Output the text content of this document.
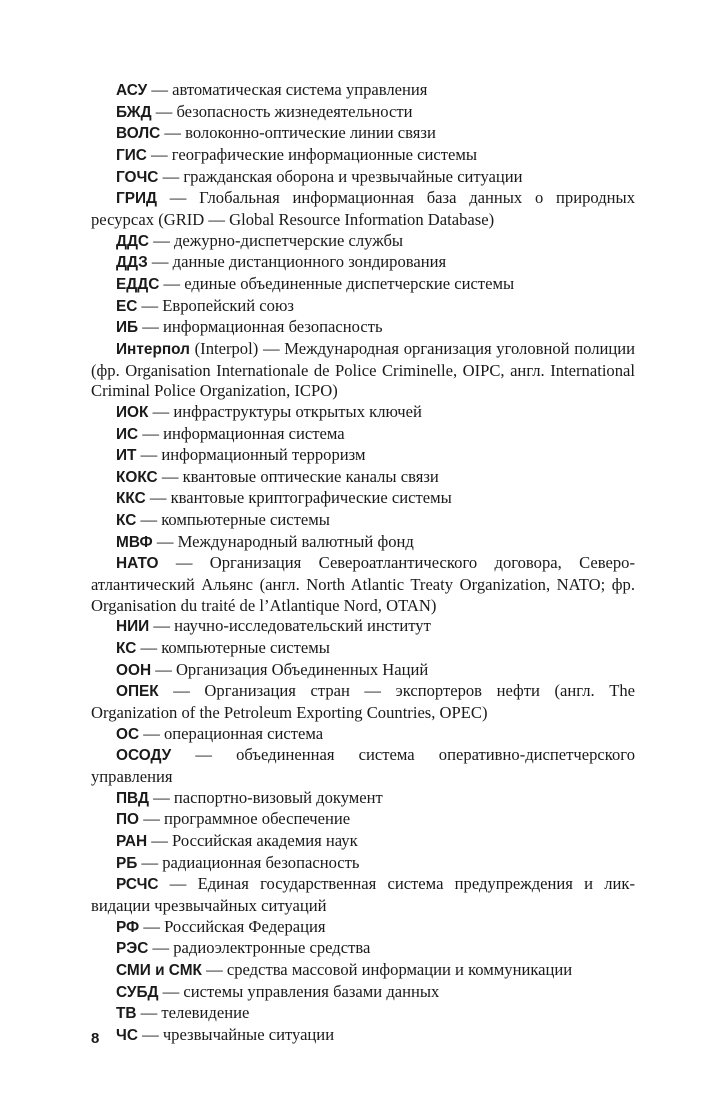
АСУ — автоматическая система управления

БЖД — безопасность жизнедеятельности

ВОЛС — волоконно-оптические линии связи

ГИС — географические информационные системы

ГОЧС — гражданская оборона и чрезвычайные ситуации

ГРИД — Глобальная информационная база данных о природных ресурсах (GRID — Global Resource Information Database)

ДДС — дежурно-диспетчерские службы

ДДЗ — данные дистанционного зондирования

ЕДДС — единые объединенные диспетчерские системы

ЕС — Европейский союз

ИБ — информационная безопасность

Интерпол (Interpol) — Международная организация уголовной полиции (фр. Organisation Internationale de Police Criminelle, OIPC, англ. International Criminal Police Organization, ICPO)

ИОК — инфраструктуры открытых ключей

ИС — информационная система

ИТ — информационный терроризм

КОКС — квантовые оптические каналы связи

ККС — квантовые криптографические системы

КС — компьютерные системы

МВФ — Международный валютный фонд

НАТО — Организация Североатлантического договора, Североатлантический Альянс (англ. North Atlantic Treaty Organization, NATO; фр. Organisation du traité de l’Atlantique Nord, OTAN)

НИИ — научно-исследовательский институт

КС — компьютерные системы

ООН — Организация Объединенных Наций

ОПЕК — Организация стран — экспортеров нефти (англ. The Organization of the Petroleum Exporting Countries, OPEC)

ОС — операционная система

ОСОДУ — объединенная система оперативно-диспетчерского управления

ПВД — паспортно-визовый документ

ПО — программное обеспечение

РАН — Российская академия наук

РБ — радиационная безопасность

РСЧС — Единая государственная система предупреждения и ликвидации чрезвычайных ситуаций

РФ — Российская Федерация

РЭС — радиоэлектронные средства

СМИ и СМК — средства массовой информации и коммуникации

СУБД — системы управления базами данных

ТВ — телевидение

ЧС — чрезвычайные ситуации

8
